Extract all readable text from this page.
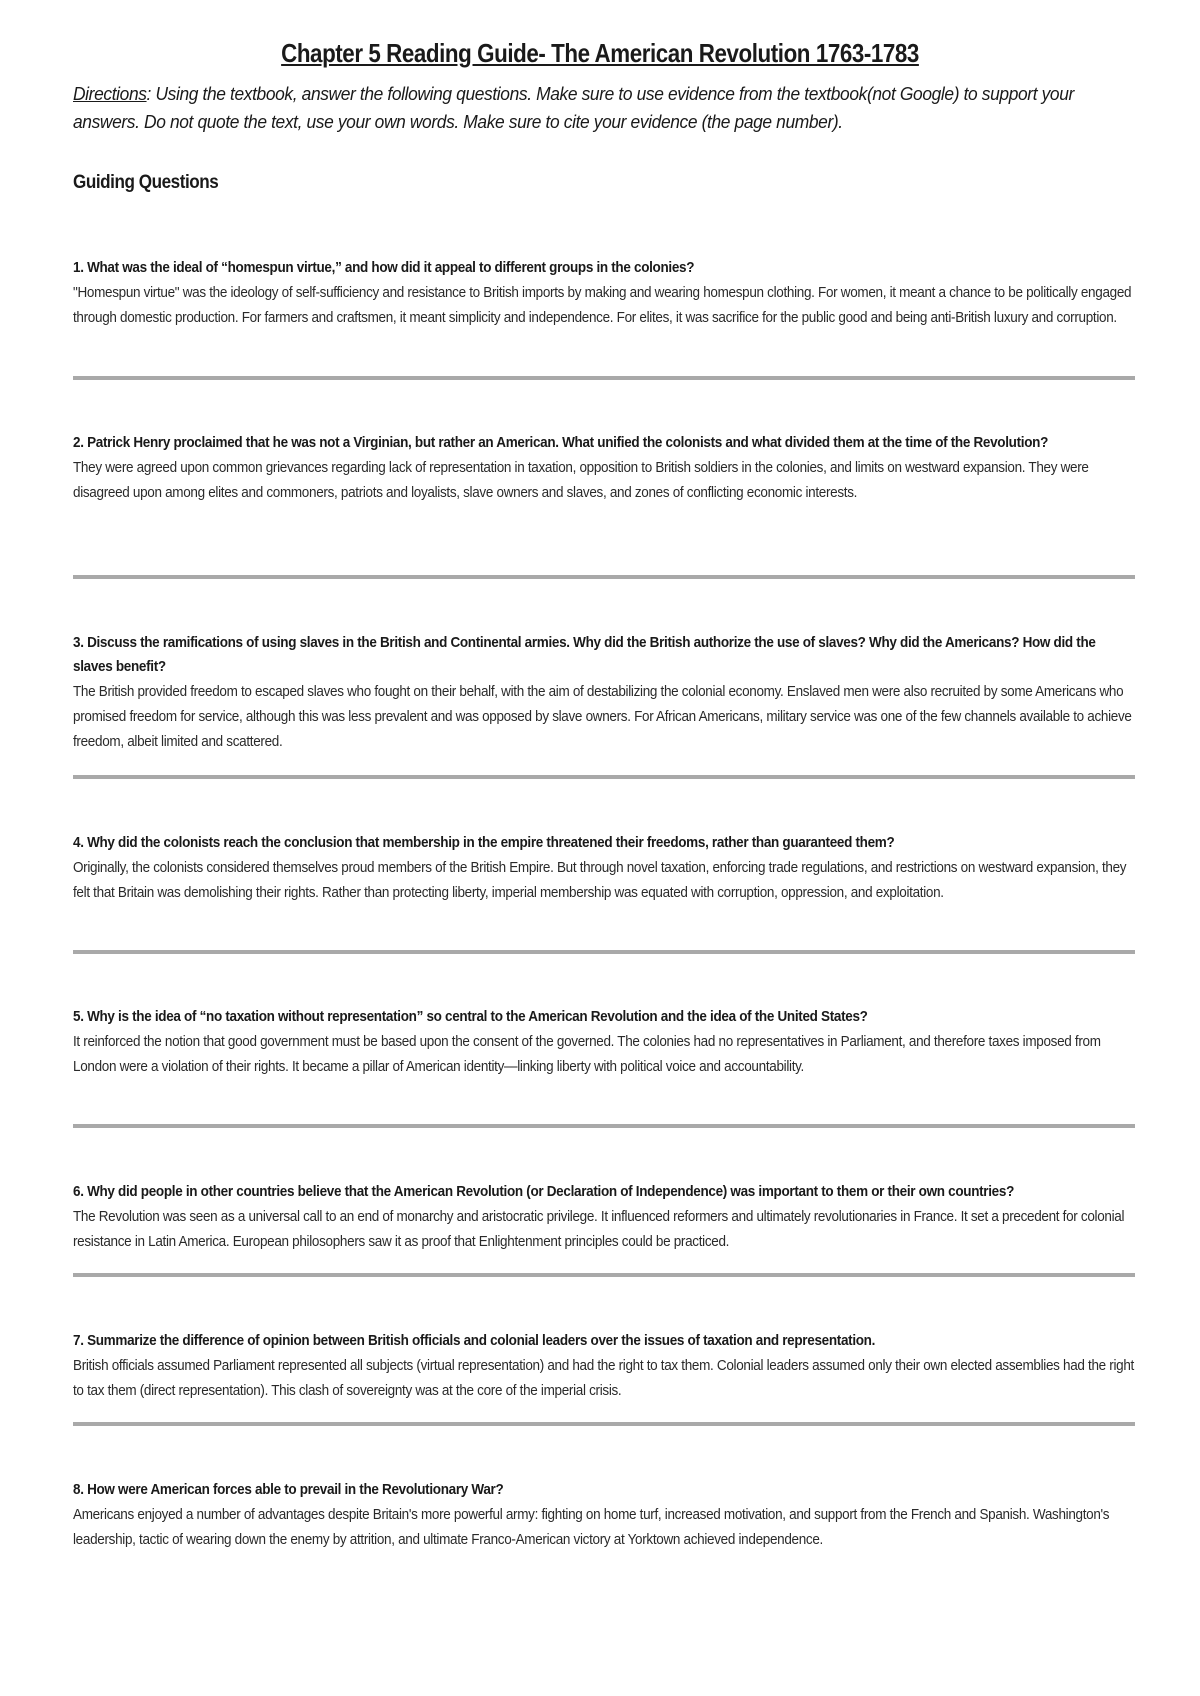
Chapter 5 Reading Guide- The American Revolution 1763-1783
Directions: Using the textbook, answer the following questions. Make sure to use evidence from the textbook(not Google) to support your answers. Do not quote the text, use your own words. Make sure to cite your evidence (the page number).
Guiding Questions
1. What was the ideal of “homespun virtue,” and how did it appeal to different groups in the colonies?
"Homespun virtue" was the ideology of self-sufficiency and resistance to British imports by making and wearing homespun clothing. For women, it meant a chance to be politically engaged through domestic production. For farmers and craftsmen, it meant simplicity and independence. For elites, it was sacrifice for the public good and being anti-British luxury and corruption.
2. Patrick Henry proclaimed that he was not a Virginian, but rather an American. What unified the colonists and what divided them at the time of the Revolution?
They were agreed upon common grievances regarding lack of representation in taxation, opposition to British soldiers in the colonies, and limits on westward expansion. They were disagreed upon among elites and commoners, patriots and loyalists, slave owners and slaves, and zones of conflicting economic interests.
3. Discuss the ramifications of using slaves in the British and Continental armies. Why did the British authorize the use of slaves? Why did the Americans? How did the slaves benefit?
The British provided freedom to escaped slaves who fought on their behalf, with the aim of destabilizing the colonial economy. Enslaved men were also recruited by some Americans who promised freedom for service, although this was less prevalent and was opposed by slave owners. For African Americans, military service was one of the few channels available to achieve freedom, albeit limited and scattered.
4. Why did the colonists reach the conclusion that membership in the empire threatened their freedoms, rather than guaranteed them?
Originally, the colonists considered themselves proud members of the British Empire. But through novel taxation, enforcing trade regulations, and restrictions on westward expansion, they felt that Britain was demolishing their rights. Rather than protecting liberty, imperial membership was equated with corruption, oppression, and exploitation.
5. Why is the idea of “no taxation without representation” so central to the American Revolution and the idea of the United States?
It reinforced the notion that good government must be based upon the consent of the governed. The colonies had no representatives in Parliament, and therefore taxes imposed from London were a violation of their rights. It became a pillar of American identity—linking liberty with political voice and accountability.
6. Why did people in other countries believe that the American Revolution (or Declaration of Independence) was important to them or their own countries?
The Revolution was seen as a universal call to an end of monarchy and aristocratic privilege. It influenced reformers and ultimately revolutionaries in France. It set a precedent for colonial resistance in Latin America. European philosophers saw it as proof that Enlightenment principles could be practiced.
7. Summarize the difference of opinion between British officials and colonial leaders over the issues of taxation and representation.
British officials assumed Parliament represented all subjects (virtual representation) and had the right to tax them. Colonial leaders assumed only their own elected assemblies had the right to tax them (direct representation). This clash of sovereignty was at the core of the imperial crisis.
8. How were American forces able to prevail in the Revolutionary War?
Americans enjoyed a number of advantages despite Britain's more powerful army: fighting on home turf, increased motivation, and support from the French and Spanish. Washington's leadership, tactic of wearing down the enemy by attrition, and ultimate Franco-American victory at Yorktown achieved independence.
